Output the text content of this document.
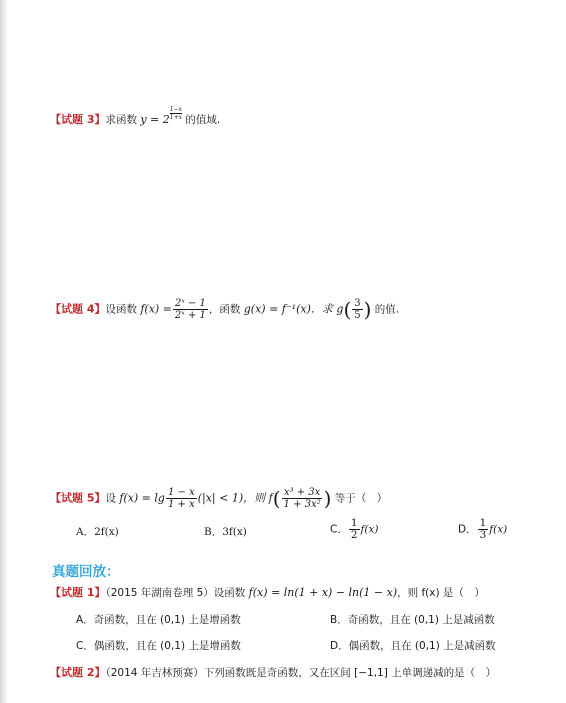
【试题 3】求函数 $y = 2 \frac{1-x}{1+x}$ 的值域.
【试题 4】设函数 $f(x) = \frac{\text{2ˣ − 1}}{\text{2ˣ + 1}}$ ，函数 g(x) = f⁻¹(x)．求 $g( \frac{3}{5}$ ) 的值.
【试题 5】设 $f(x) = \lg \frac{1 - x}{1 + x} (|x| < 1)$，则 $f( \frac{\text{x³ + 3x}}{\text{1 + 3x²}}$ ) 等于（　）
A．2f(x)	B．3f(x)	C． $\frac{1}{2} f(x)$	D． $\frac{1}{3} f(x)$
真题回放：
【试题 1】（2015 年湖南卷理 5）设函数 f(x) = ln(1 + x) − ln(1 − x)，则 f(x) 是（　）
A．奇函数，且在 (0,1) 上是增函数	B．奇函数，且在 (0,1) 上是减函数
C．偶函数，且在 (0,1) 上是增函数	D．偶函数，且在 (0,1) 上是减函数
【试题 2】（2014 年吉林预赛）下列函数既是奇函数，又在区间 [−1,1] 上单调递减的是（　）
